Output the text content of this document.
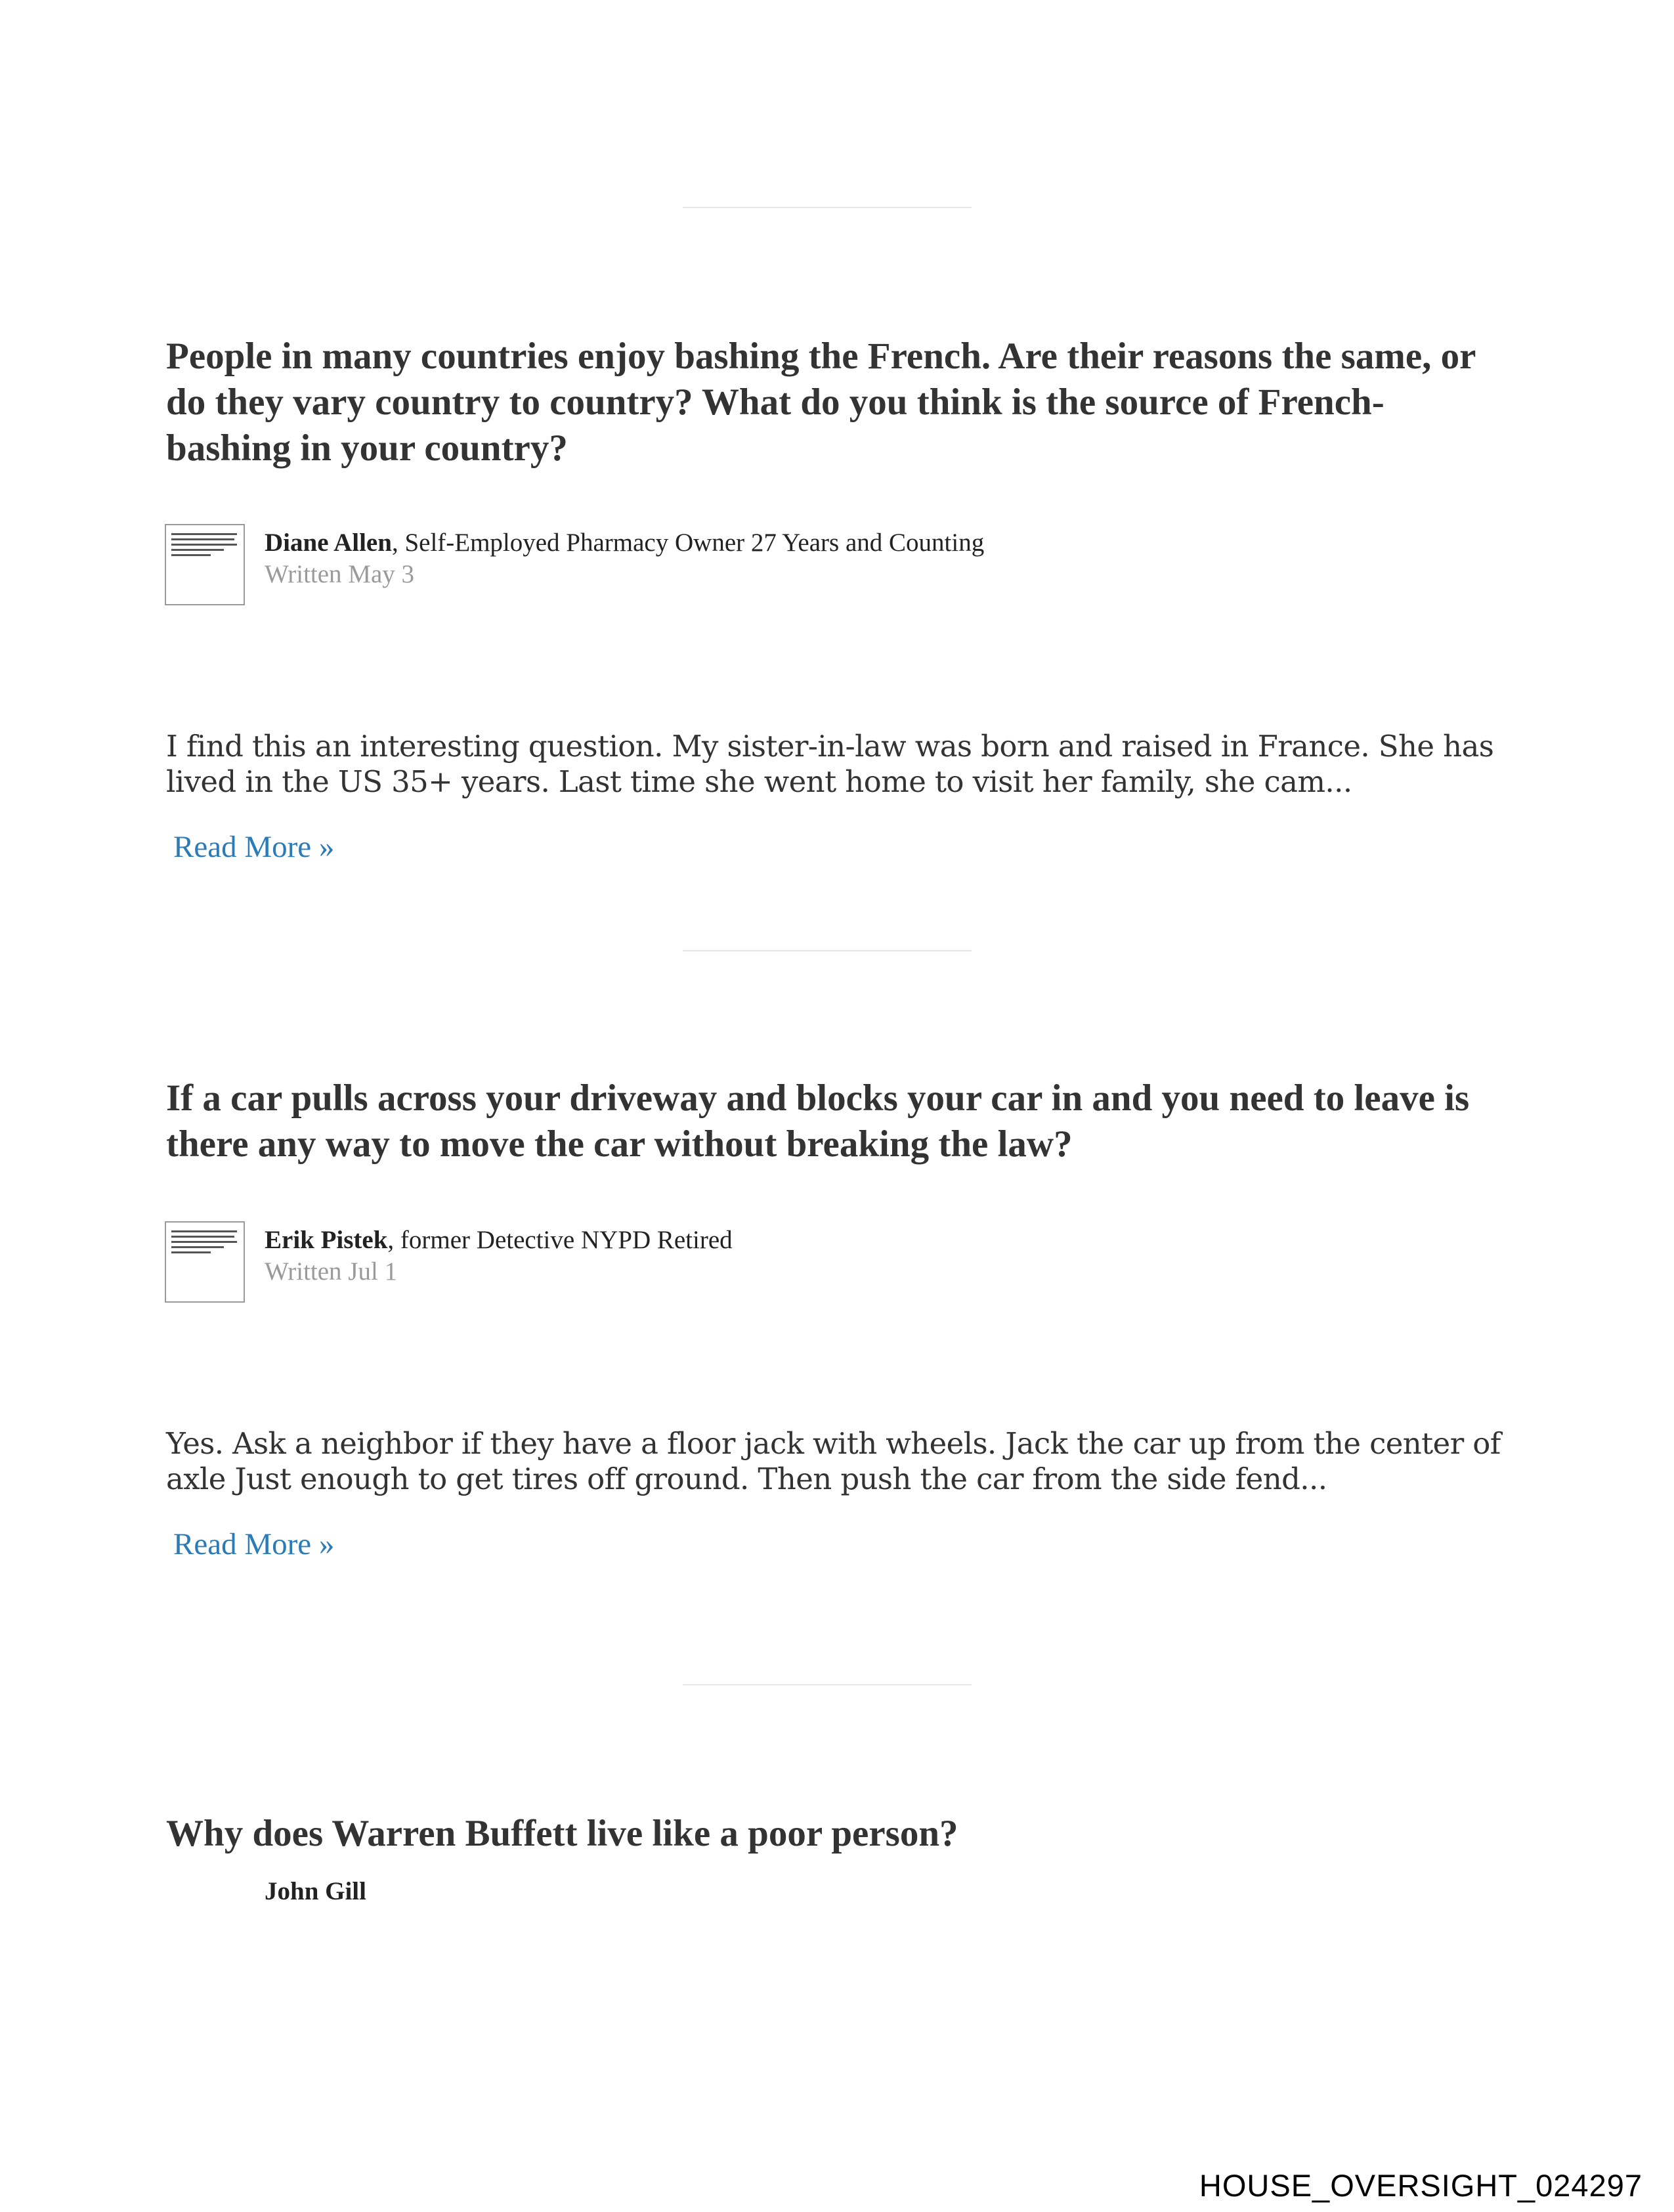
People in many countries enjoy bashing the French. Are their reasons the same, or do they vary country to country? What do you think is the source of French-bashing in your country?
Diane Allen, Self-Employed Pharmacy Owner 27 Years and Counting
Written May 3

I find this an interesting question. My sister-in-law was born and raised in France. She has lived in the US 35+ years. Last time she went home to visit her family, she cam...

Read More »
If a car pulls across your driveway and blocks your car in and you need to leave is there any way to move the car without breaking the law?
Erik Pistek, former Detective NYPD Retired
Written Jul 1

Yes. Ask a neighbor if they have a floor jack with wheels. Jack the car up from the center of axle Just enough to get tires off ground. Then push the car from the side fend...

Read More »
Why does Warren Buffett live like a poor person?
John Gill
HOUSE_OVERSIGHT_024297
